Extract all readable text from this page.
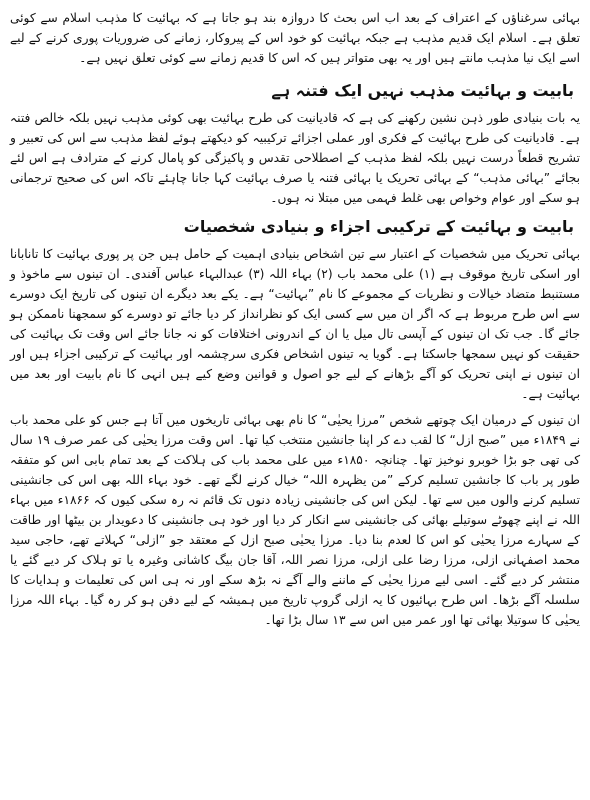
بہائی سرغناؤں کے اعتراف کے بعد اب اس بحث کا دروازہ بند ہو جاتا ہے کہ بہائیت کا مذہب اسلام سے کوئی تعلق ہے۔ اسلام ایک قدیم مذہب ہے جبکہ بہائیت کو خود اس کے پیروکار، زمانے کی ضروریات پوری کرنے کے لیے اسے ایک نیا مذہب مانتے ہیں اور یہ بھی متواتر ہیں کہ اس کا قدیم زمانے سے کوئی تعلق نہیں ہے۔

بابیت و بہائیت مذہب نہیں ایک فتنہ ہے

یہ بات بنیادی طور ذہن نشین رکھنے کی ہے کہ قادیانیت کی طرح بہائیت بھی کوئی مذہب نہیں بلکہ خالص فتنہ ہے۔ قادیانیت کی طرح بہائیت کے فکری اور عملی اجزائے ترکیبیہ کو دیکھتے ہوئے لفظ مذہب سے اس کی تعبیر و تشریح قطعاً درست نہیں بلکہ لفظ مذہب کے اصطلاحی تقدس و پاکیزگی کو پامال کرنے کے مترادف ہے اس لئے بجائے ”بہائی مذہب“ کے بہائی تحریک یا بہائی فتنہ یا صرف بہائیت کہا جانا چاہئے تاکہ اس کی صحیح ترجمانی ہو سکے اور عوام وخواص بھی غلط فہمی میں مبتلا نہ ہوں۔

بابیت و بہائیت کے ترکیبی اجزاء و بنیادی شخصیات

بہائی تحریک میں شخصیات کے اعتبار سے تین اشخاص بنیادی اہمیت کے حامل ہیں جن پر پوری بہائیت کا تانابانا اور اسکی تاریخ موقوف ہے (۱) علی محمد باب (۲) بہاء اللہ (۳) عبدالبہاء عباس آفندی۔ ان تینوں سے ماخوذ و مستنبط متضاد خیالات و نظریات کے مجموعے کا نام ”بہائیت“ ہے۔ یکے بعد دیگرے ان تینوں کی تاریخ ایک دوسرے سے اس طرح مربوط ہے کہ اگر ان میں سے کسی ایک کو نظرانداز کر دیا جائے تو دوسرے کو سمجھنا ناممکن ہو جائے گا۔ جب تک ان تینوں کے آپسی تال میل یا ان کے اندرونی اختلافات کو نہ جانا جائے اس وقت تک بہائیت کی حقیقت کو نہیں سمجھا جاسکتا ہے۔ گویا یہ تینوں اشخاص فکری سرچشمہ اور بہائیت کے ترکیبی اجزاء ہیں اور ان تینوں نے اپنی تحریک کو آگے بڑھانے کے لیے جو اصول و قوانین وضع کیے ہیں انہی کا نام بابیت اور بعد میں بہائیت ہے۔

ان تینوں کے درمیان ایک چوتھے شخص ”مرزا یحیٰی“ کا نام بھی بہائی تاریخوں میں آتا ہے جس کو علی محمد باب نے ۱۸۴۹ء میں ”صبح ازل“ کا لقب دے کر اپنا جانشین منتخب کیا تھا۔ اس وقت مرزا یحیٰی کی عمر صرف ۱۹ سال کی تھی جو بڑا خوبرو نوخیز تھا۔ چنانچہ ۱۸۵۰ء میں علی محمد باب کی ہلاکت کے بعد تمام بابی اس کو متفقہ طور پر باب کا جانشین تسلیم کرکے ”من یظہرہ اللہ“ خیال کرنے لگے تھے۔ خود بہاء اللہ بھی اس کی جانشینی تسلیم کرنے والوں میں سے تھا۔ لیکن اس کی جانشینی زیادہ دنوں تک قائم نہ رہ سکی کیوں کہ ۱۸۶۶ء میں بہاء اللہ نے اپنے چھوٹے سوتیلے بھائی کی جانشینی سے انکار کر دیا اور خود ہی جانشینی کا دعویدار بن بیٹھا اور طاقت کے سہارے مرزا یحیٰی کو اس کا لعدم بنا دیا۔ مرزا یحیٰی صبح ازل کے معتقد جو ”ازلی“ کہلاتے تھے، حاجی سید محمد اصفہانی ازلی، مرزا رضا علی ازلی، مرزا نصر اللہ، آقا جان بیگ کاشانی وغیرہ یا تو ہلاک کر دیے گئے یا منتشر کر دیے گئے۔ اسی لیے مرزا یحیٰی کے ماننے والے آگے نہ بڑھ سکے اور نہ ہی اس کی تعلیمات و ہدایات کا سلسلہ آگے بڑھا۔ اس طرح بہائیوں کا یہ ازلی گروپ تاریخ میں ہمیشہ کے لیے دفن ہو کر رہ گیا۔ بہاء اللہ مرزا یحیٰی کا سوتیلا بھائی تھا اور عمر میں اس سے ۱۳ سال بڑا تھا۔
